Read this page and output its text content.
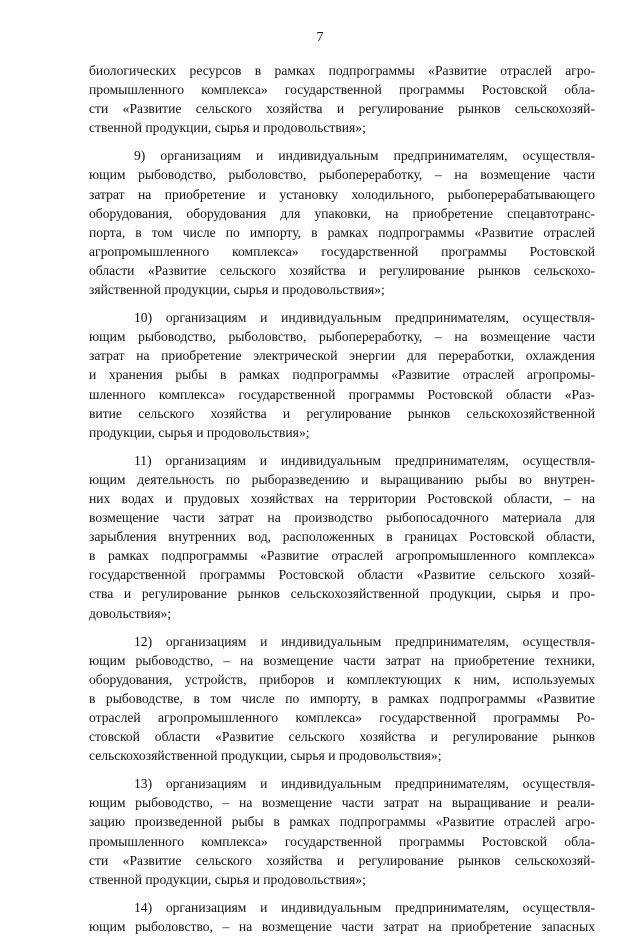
7
биологических ресурсов в рамках подпрограммы «Развитие отраслей агро-
промышленного комплекса» государственной программы Ростовской обла-
сти «Развитие сельского хозяйства и регулирование рынков сельскохозяй-
ственной продукции, сырья и продовольствия»;
9) организациям и индивидуальным предпринимателям, осуществля-
ющим рыбоводство, рыболовство, рыбопереработку, – на возмещение части
затрат на приобретение и установку холодильного, рыбоперерабатывающего
оборудования, оборудования для упаковки, на приобретение спецавтотранс-
порта, в том числе по импорту, в рамках подпрограммы «Развитие отраслей
агропромышленного комплекса» государственной программы Ростовской
области «Развитие сельского хозяйства и регулирование рынков сельскохо-
зяйственной продукции, сырья и продовольствия»;
10) организациям и индивидуальным предпринимателям, осуществля-
ющим рыбоводство, рыболовство, рыбопереработку, – на возмещение части
затрат на приобретение электрической энергии для переработки, охлаждения
и хранения рыбы в рамках подпрограммы «Развитие отраслей агропромы-
шленного комплекса» государственной программы Ростовской области «Раз-
витие сельского хозяйства и регулирование рынков сельскохозяйственной
продукции, сырья и продовольствия»;
11) организациям и индивидуальным предпринимателям, осуществля-
ющим деятельность по рыборазведению и выращиванию рыбы во внутрен-
них водах и прудовых хозяйствах на территории Ростовской области, – на
возмещение части затрат на производство рыбопосадочного материала для
зарыбления внутренних вод, расположенных в границах Ростовской области,
в рамках подпрограммы «Развитие отраслей агропромышленного комплекса»
государственной программы Ростовской области «Развитие сельского хозяй-
ства и регулирование рынков сельскохозяйственной продукции, сырья и про-
довольствия»;
12) организациям и индивидуальным предпринимателям, осуществля-
ющим рыбоводство, – на возмещение части затрат на приобретение техники,
оборудования, устройств, приборов и комплектующих к ним, используемых
в рыбоводстве, в том числе по импорту, в рамках подпрограммы «Развитие
отраслей агропромышленного комплекса» государственной программы Ро-
стовской области «Развитие сельского хозяйства и регулирование рынков
сельскохозяйственной продукции, сырья и продовольствия»;
13) организациям и индивидуальным предпринимателям, осуществля-
ющим рыбоводство, – на возмещение части затрат на выращивание и реали-
зацию произведенной рыбы в рамках подпрограммы «Развитие отраслей агро-
промышленного комплекса» государственной программы Ростовской обла-
сти «Развитие сельского хозяйства и регулирование рынков сельскохозяй-
ственной продукции, сырья и продовольствия»;
14) организациям и индивидуальным предпринимателям, осуществля-
ющим рыболовство, – на возмещение части затрат на приобретение запасных
